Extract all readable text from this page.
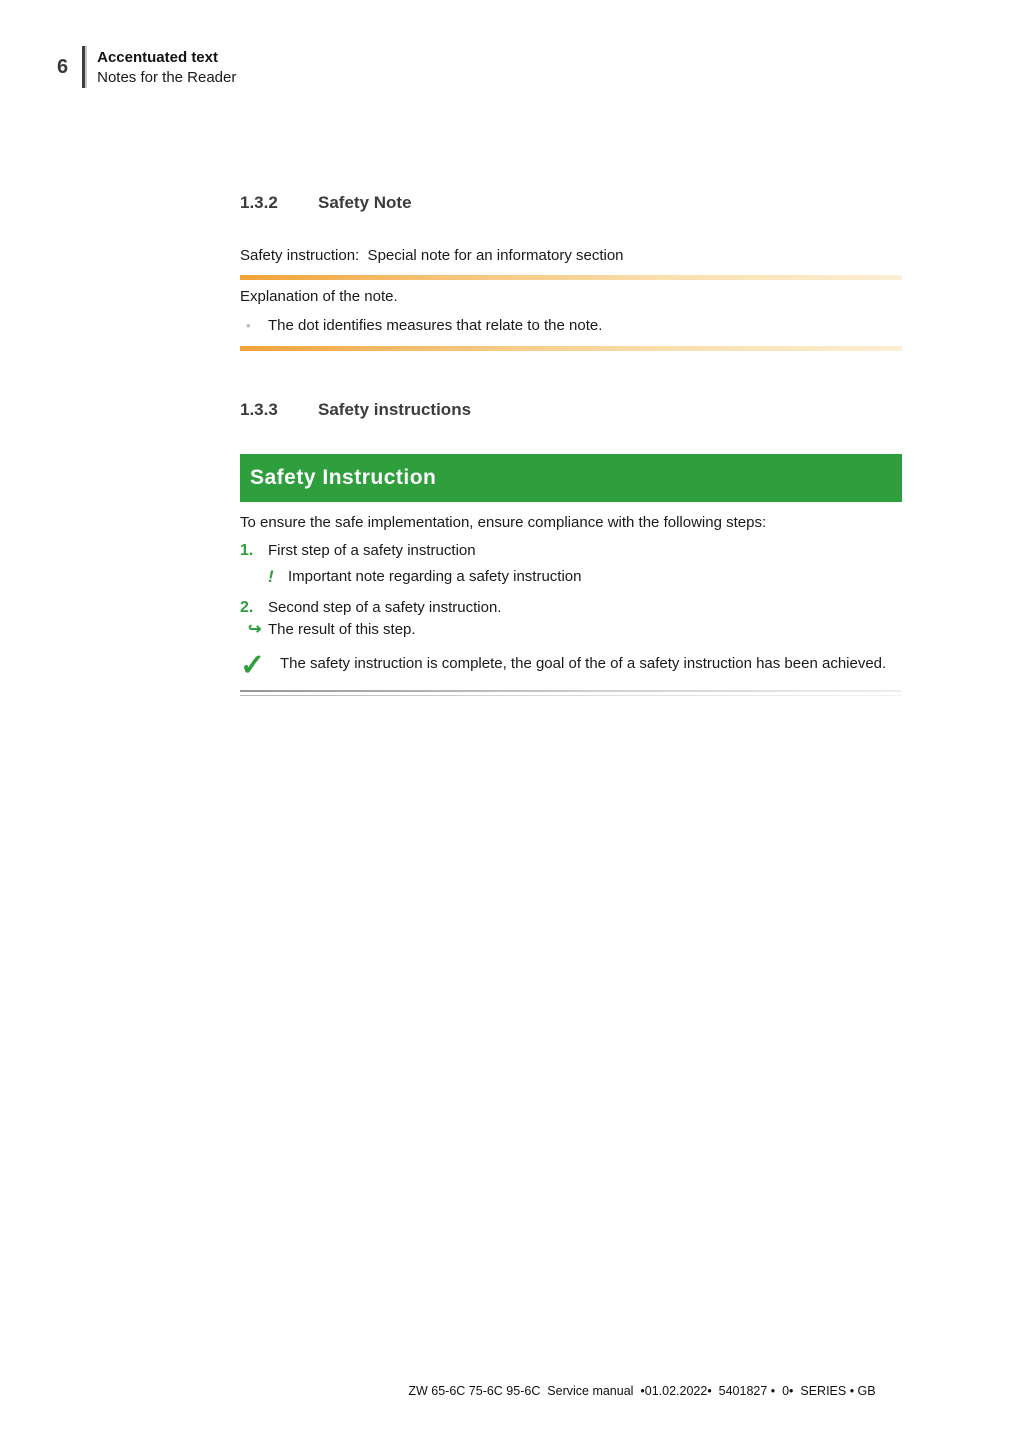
6 Accentuated text
Notes for the Reader
1.3.2	Safety Note

Safety instruction:  Special note for an informatory section

Explanation of the note.

•	The dot identifies measures that relate to the note.
1.3.3	Safety instructions
Safety Instruction

To ensure the safe implementation, ensure compliance with the following steps:

1. First step of a safety instruction
! Important note regarding a safety instruction
2. Second step of a safety instruction.
↪ The result of this step.
✓ The safety instruction is complete, the goal of the of a safety instruction has been achieved.
ZW 65-6C 75-6C 95-6C  Service manual  •01.02.2022•  5401827 •  0•  SERIES • GB
